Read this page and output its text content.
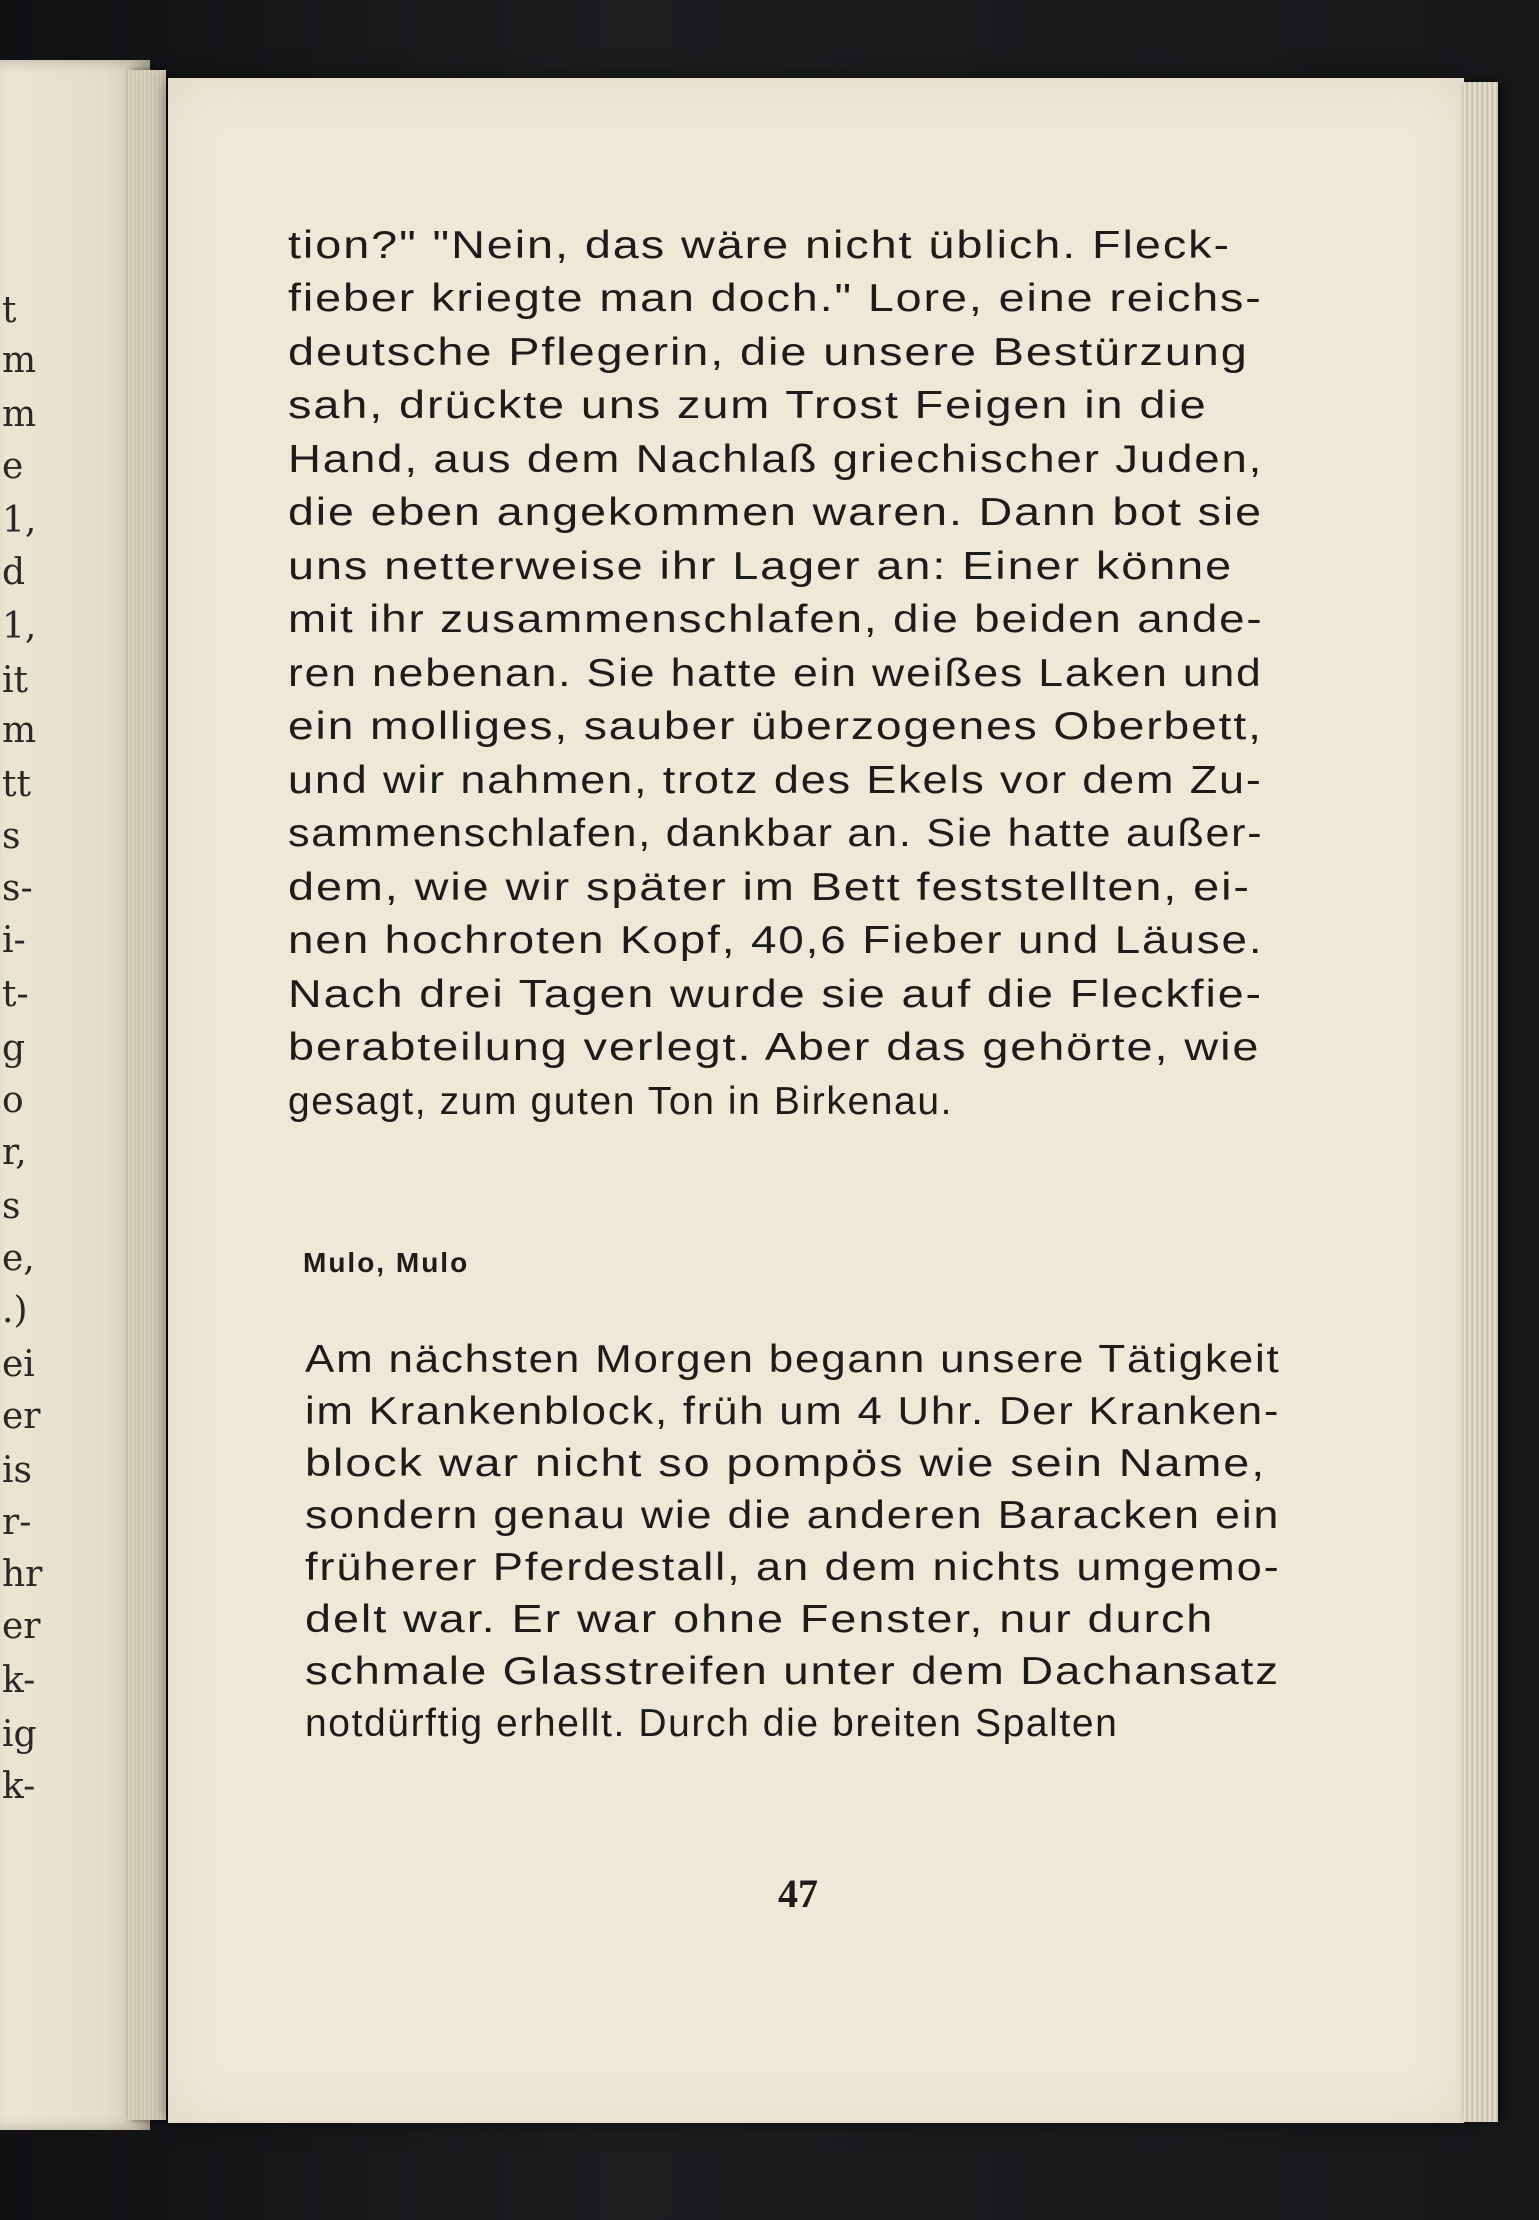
t
m
m
e
1,
d
1,
it
m
tt
s
s-
i-
t-
g
o
r,
s
e,
.)
ei
er
is
r-
hr
er
k-
ig
k-
tion?" "Nein, das wäre nicht üblich. Fleck-
fieber kriegte man doch." Lore, eine reichs-
deutsche Pflegerin, die unsere Bestürzung
sah, drückte uns zum Trost Feigen in die
Hand, aus dem Nachlaß griechischer Juden,
die eben angekommen waren. Dann bot sie
uns netterweise ihr Lager an: Einer könne
mit ihr zusammenschlafen, die beiden ande-
ren nebenan. Sie hatte ein weißes Laken und
ein molliges, sauber überzogenes Oberbett,
und wir nahmen, trotz des Ekels vor dem Zu-
sammenschlafen, dankbar an. Sie hatte außer-
dem, wie wir später im Bett feststellten, ei-
nen hochroten Kopf, 40,6 Fieber und Läuse.
Nach drei Tagen wurde sie auf die Fleckfie-
berabteilung verlegt. Aber das gehörte, wie
gesagt, zum guten Ton in Birkenau.
Mulo, Mulo
Am nächsten Morgen begann unsere Tätigkeit
im Krankenblock, früh um 4 Uhr. Der Kranken-
block war nicht so pompös wie sein Name,
sondern genau wie die anderen Baracken ein
früherer Pferdestall, an dem nichts umgemo-
delt war. Er war ohne Fenster, nur durch
schmale Glasstreifen unter dem Dachansatz
notdürftig erhellt. Durch die breiten Spalten
47
